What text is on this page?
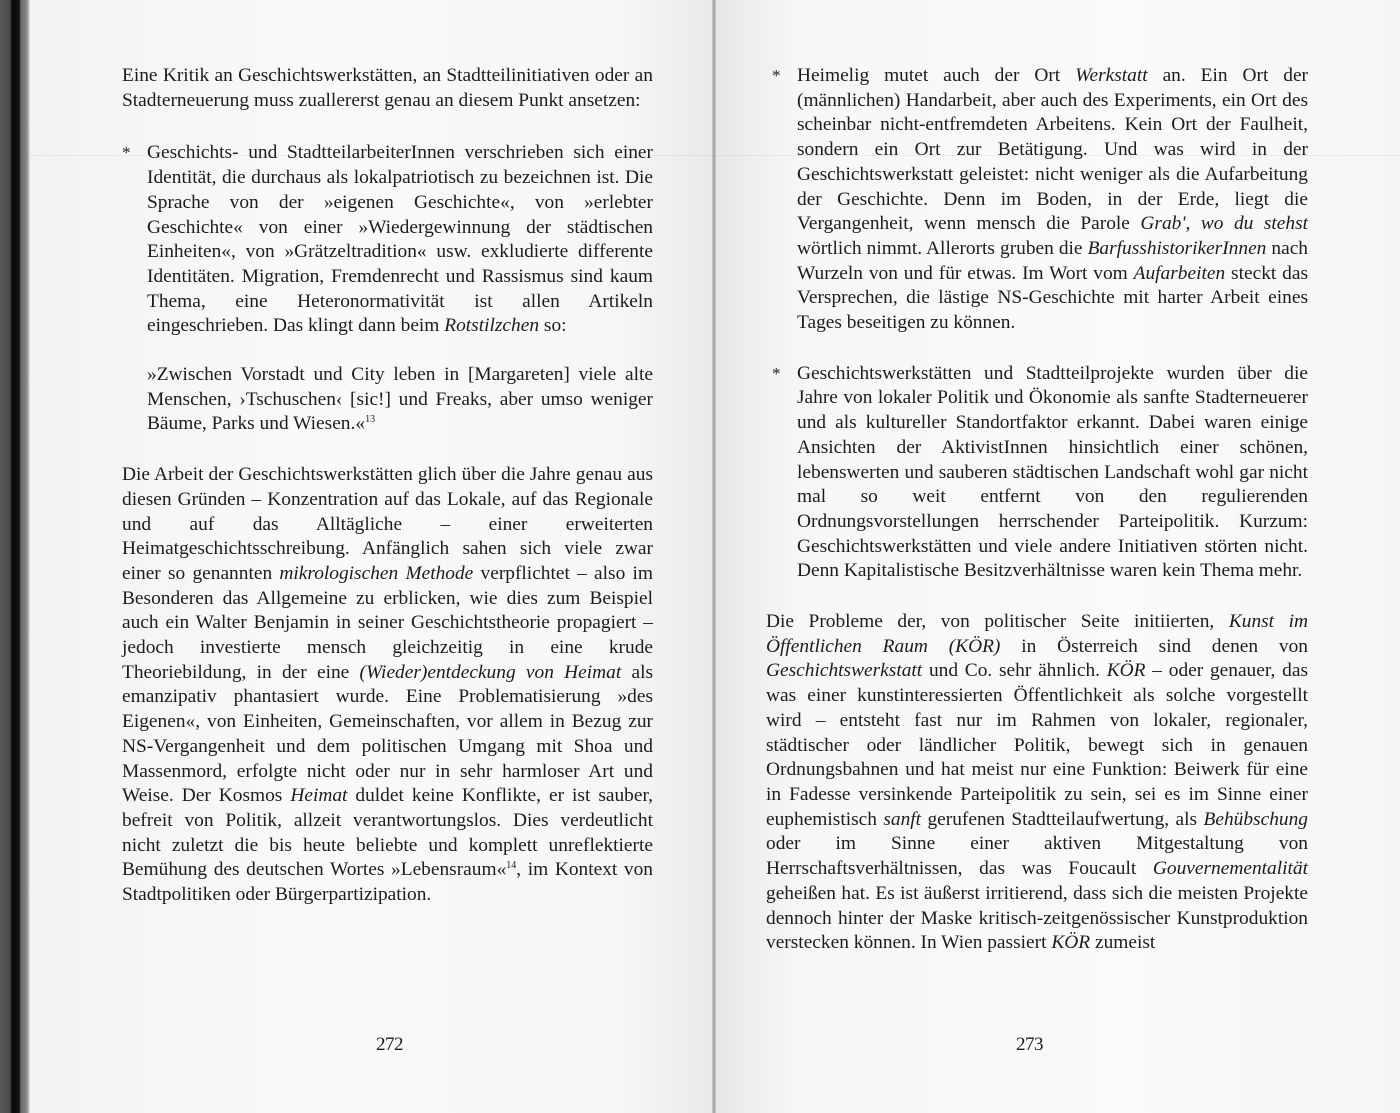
Eine Kritik an Geschichtswerkstätten, an Stadtteilinitiativen oder an Stadterneuerung muss zuallererst genau an diesem Punkt ansetzen:

* Geschichts- und StadtteilarbeiterInnen verschrieben sich einer Identität, die durchaus als lokalpatriotisch zu bezeichnen ist. Die Sprache von der »eigenen Geschichte«, von »erlebter Geschichte« von einer »Wiedergewinnung der städtischen Einheiten«, von »Grätzeltradition« usw. exkludierte differente Identitäten. Migration, Fremdenrecht und Rassismus sind kaum Thema, eine Heteronormativität ist allen Artikeln eingeschrieben. Das klingt dann beim Rotstilzchen so:

»Zwischen Vorstadt und City leben in [Margareten] viele alte Menschen, ›Tschuschen‹ [sic!] und Freaks, aber umso weniger Bäume, Parks und Wiesen.«$^{13}$

Die Arbeit der Geschichtswerkstätten glich über die Jahre genau aus diesen Gründen – Konzentration auf das Lokale, auf das Regionale und auf das Alltägliche – einer erweiterten Heimatgeschichtsschreibung. Anfänglich sahen sich viele zwar einer so genannten mikrologischen Methode verpflichtet – also im Besonderen das Allgemeine zu erblicken, wie dies zum Beispiel auch ein Walter Benjamin in seiner Geschichtstheorie propagiert – jedoch investierte mensch gleichzeitig in eine krude Theoriebildung, in der eine (Wieder)entdeckung von Heimat als emanzipativ phantasiert wurde. Eine Problematisierung »des Eigenen«, von Einheiten, Gemeinschaften, vor allem in Bezug zur NS-Vergangenheit und dem politischen Umgang mit Shoa und Massenmord, erfolgte nicht oder nur in sehr harmloser Art und Weise. Der Kosmos Heimat duldet keine Konflikte, er ist sauber, befreit von Politik, allzeit verantwortungslos. Dies verdeutlicht nicht zuletzt die bis heute beliebte und komplett unreflektierte Bemühung des deutschen Wortes »Lebensraum«$^{14}$, im Kontext von Stadtpolitiken oder Bürgerpartizipation.

272

* Heimelig mutet auch der Ort Werkstatt an. Ein Ort der (männlichen) Handarbeit, aber auch des Experiments, ein Ort des scheinbar nicht-entfremdeten Arbeitens. Kein Ort der Faulheit, sondern ein Ort zur Betätigung. Und was wird in der Geschichtswerkstatt geleistet: nicht weniger als die Aufarbeitung der Geschichte. Denn im Boden, in der Erde, liegt die Vergangenheit, wenn mensch die Parole Grab', wo du stehst wörtlich nimmt. Allerorts gruben die BarfusshistorikerInnen nach Wurzeln von und für etwas. Im Wort vom Aufarbeiten steckt das Versprechen, die lästige NS-Geschichte mit harter Arbeit eines Tages beseitigen zu können.

* Geschichtswerkstätten und Stadtteilprojekte wurden über die Jahre von lokaler Politik und Ökonomie als sanfte Stadterneuerer und als kultureller Standortfaktor erkannt. Dabei waren einige Ansichten der AktivistInnen hinsichtlich einer schönen, lebenswerten und sauberen städtischen Landschaft wohl gar nicht mal so weit entfernt von den regulierenden Ordnungsvorstellungen herrschender Parteipolitik. Kurzum: Geschichtswerkstätten und viele andere Initiativen störten nicht. Denn Kapitalistische Besitzverhältnisse waren kein Thema mehr.

Die Probleme der, von politischer Seite initiierten, Kunst im Öffentlichen Raum (KÖR) in Österreich sind denen von Geschichtswerkstatt und Co. sehr ähnlich. KÖR – oder genauer, das was einer kunstinteressierten Öffentlichkeit als solche vorgestellt wird – entsteht fast nur im Rahmen von lokaler, regionaler, städtischer oder ländlicher Politik, bewegt sich in genauen Ordnungsbahnen und hat meist nur eine Funktion: Beiwerk für eine in Fadesse versinkende Parteipolitik zu sein, sei es im Sinne einer euphemistisch sanft gerufenen Stadtteilaufwertung, als Behübschung oder im Sinne einer aktiven Mitgestaltung von Herrschaftsverhältnissen, das was Foucault Gouvernementalität geheißen hat. Es ist äußerst irritierend, dass sich die meisten Projekte dennoch hinter der Maske kritisch-zeitgenössischer Kunstproduktion verstecken können. In Wien passiert KÖR zumeist

273
